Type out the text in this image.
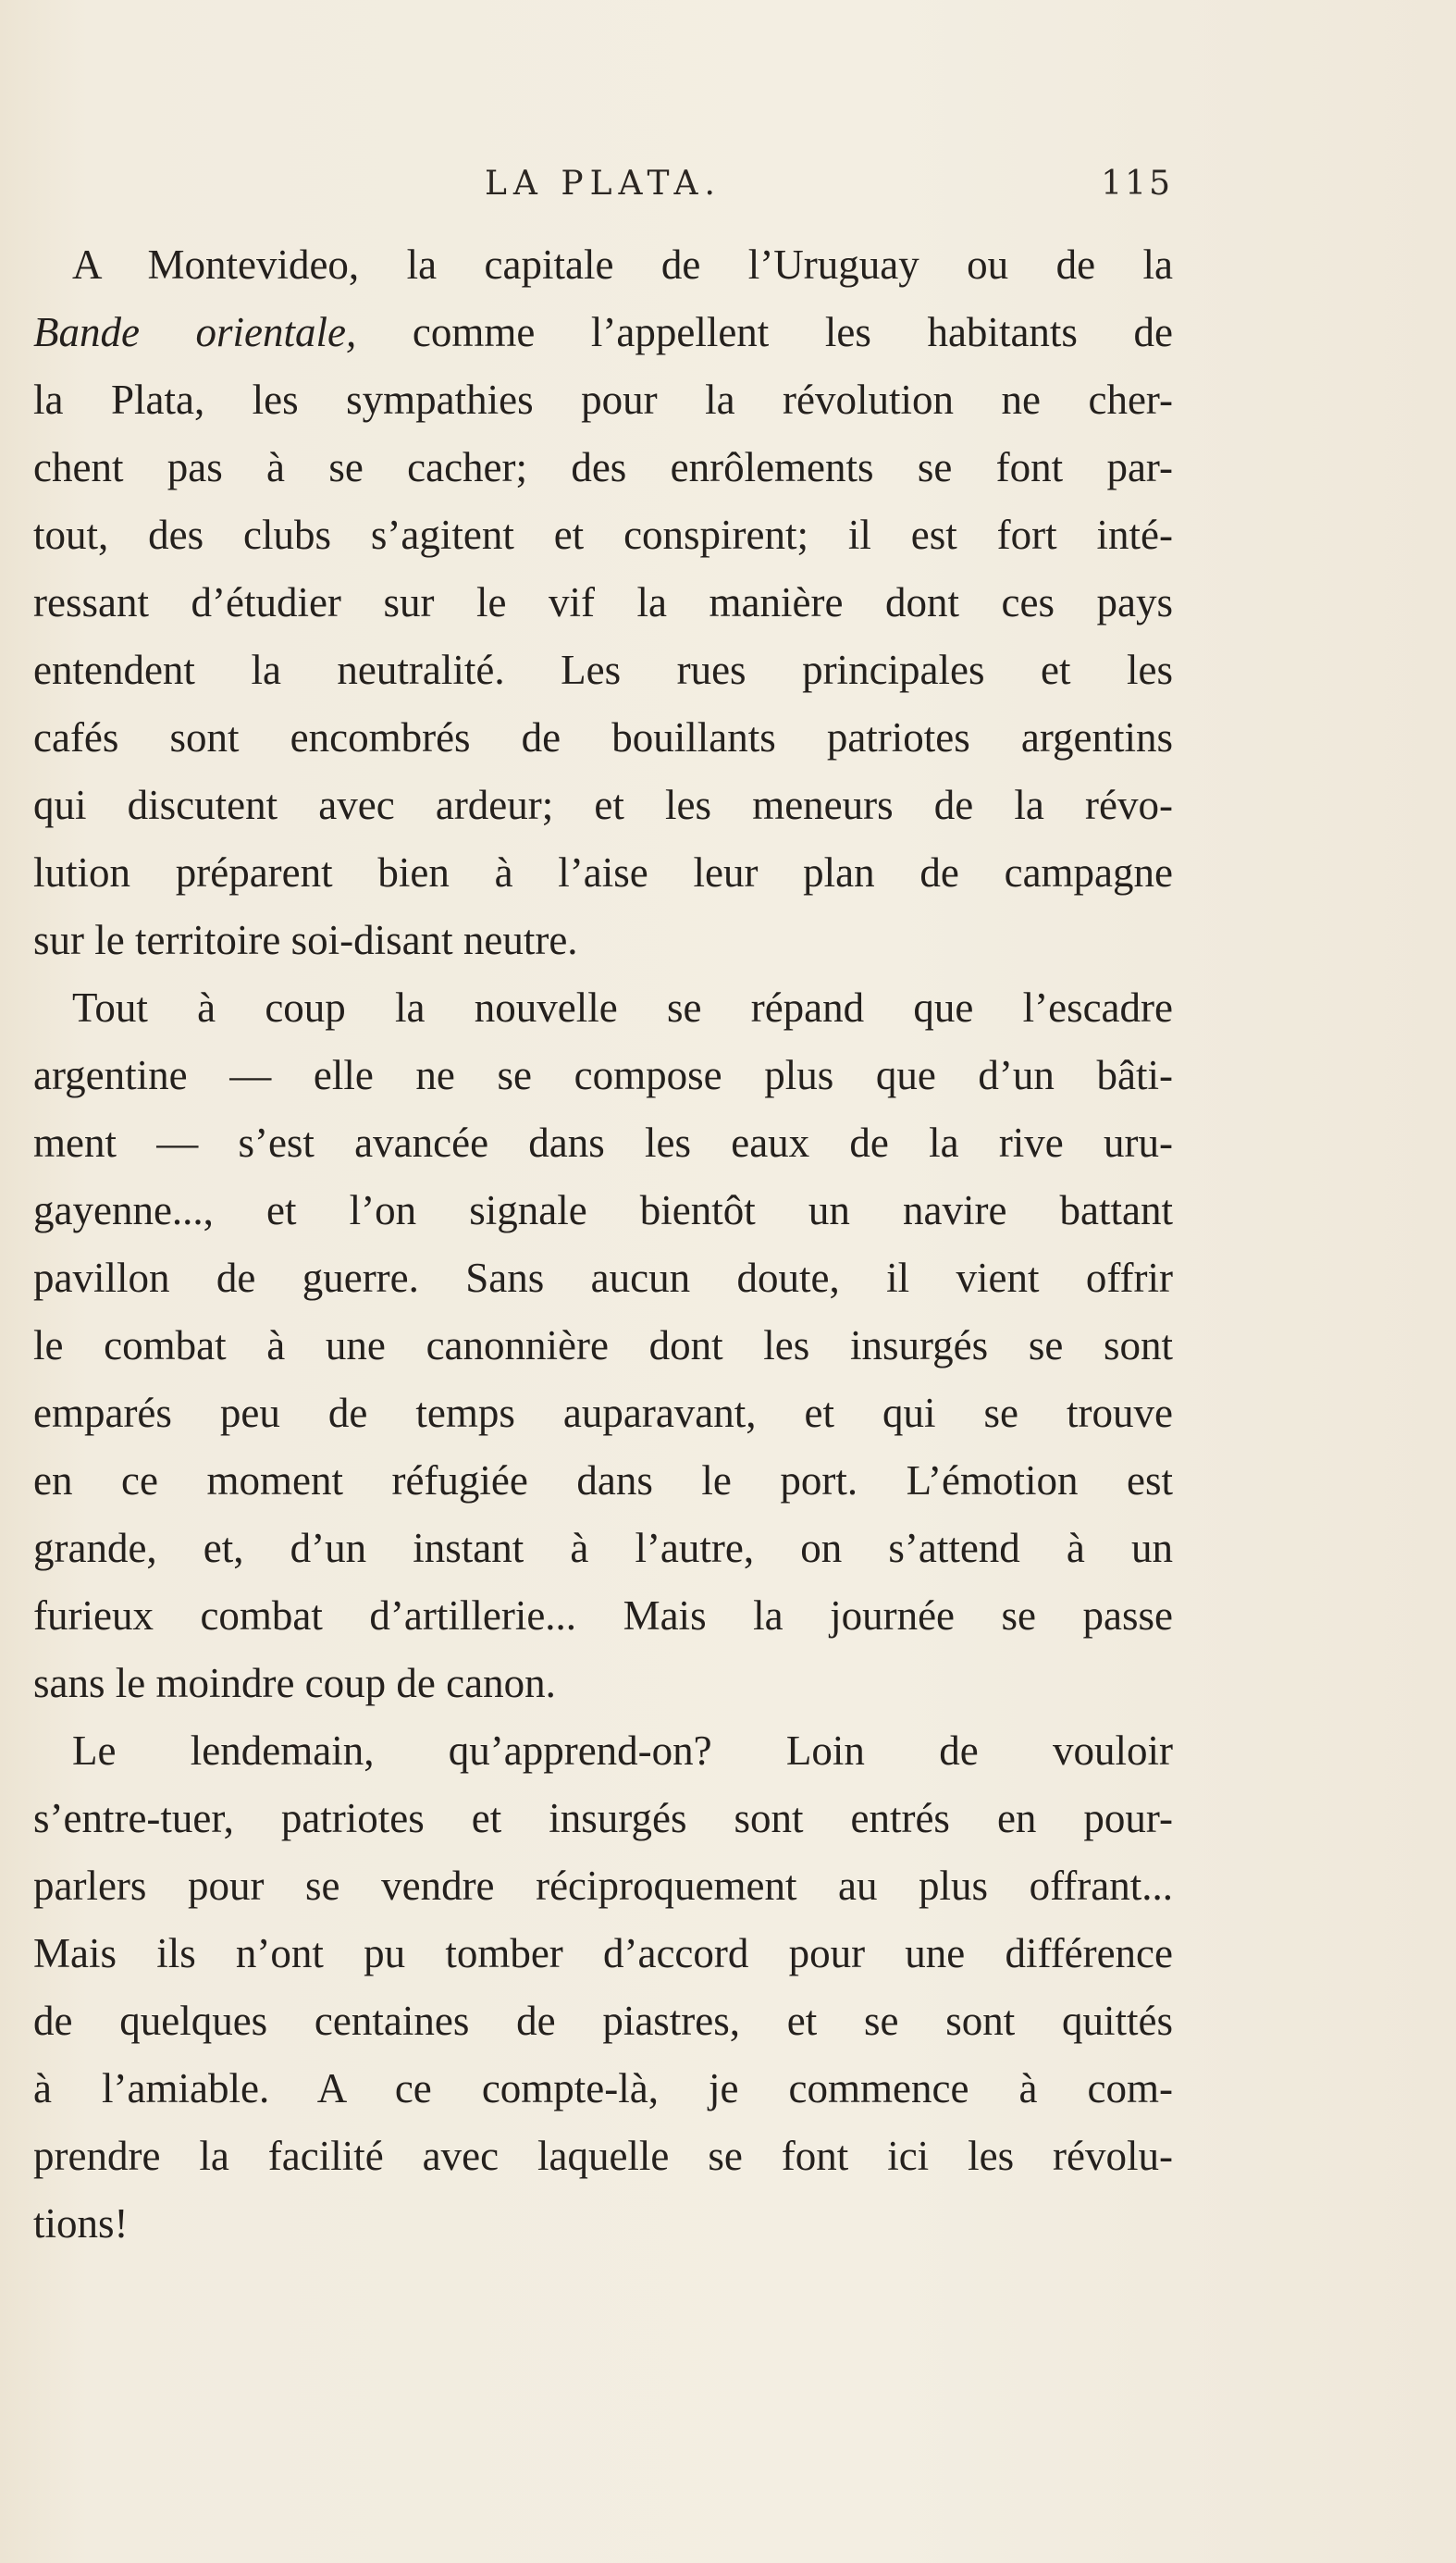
LA PLATA.	115
A Montevideo, la capitale de l’Uruguay ou de la
Bande orientale, comme l’appellent les habitants de
la Plata, les sympathies pour la révolution ne cher-
chent pas à se cacher; des enrôlements se font par-
tout, des clubs s’agitent et conspirent; il est fort inté-
ressant d’étudier sur le vif la manière dont ces pays
entendent la neutralité. Les rues principales et les
cafés sont encombrés de bouillants patriotes argentins
qui discutent avec ardeur; et les meneurs de la révo-
lution préparent bien à l’aise leur plan de campagne
sur le territoire soi-disant neutre.
Tout à coup la nouvelle se répand que l’escadre
argentine — elle ne se compose plus que d’un bâti-
ment — s’est avancée dans les eaux de la rive uru-
gayenne..., et l’on signale bientôt un navire battant
pavillon de guerre. Sans aucun doute, il vient offrir
le combat à une canonnière dont les insurgés se sont
emparés peu de temps auparavant, et qui se trouve
en ce moment réfugiée dans le port. L’émotion est
grande, et, d’un instant à l’autre, on s’attend à un
furieux combat d’artillerie... Mais la journée se passe
sans le moindre coup de canon.
Le lendemain, qu’apprend-on? Loin de vouloir
s’entre-tuer, patriotes et insurgés sont entrés en pour-
parlers pour se vendre réciproquement au plus offrant...
Mais ils n’ont pu tomber d’accord pour une différence
de quelques centaines de piastres, et se sont quittés
à l’amiable. A ce compte-là, je commence à com-
prendre la facilité avec laquelle se font ici les révolu-
tions!
